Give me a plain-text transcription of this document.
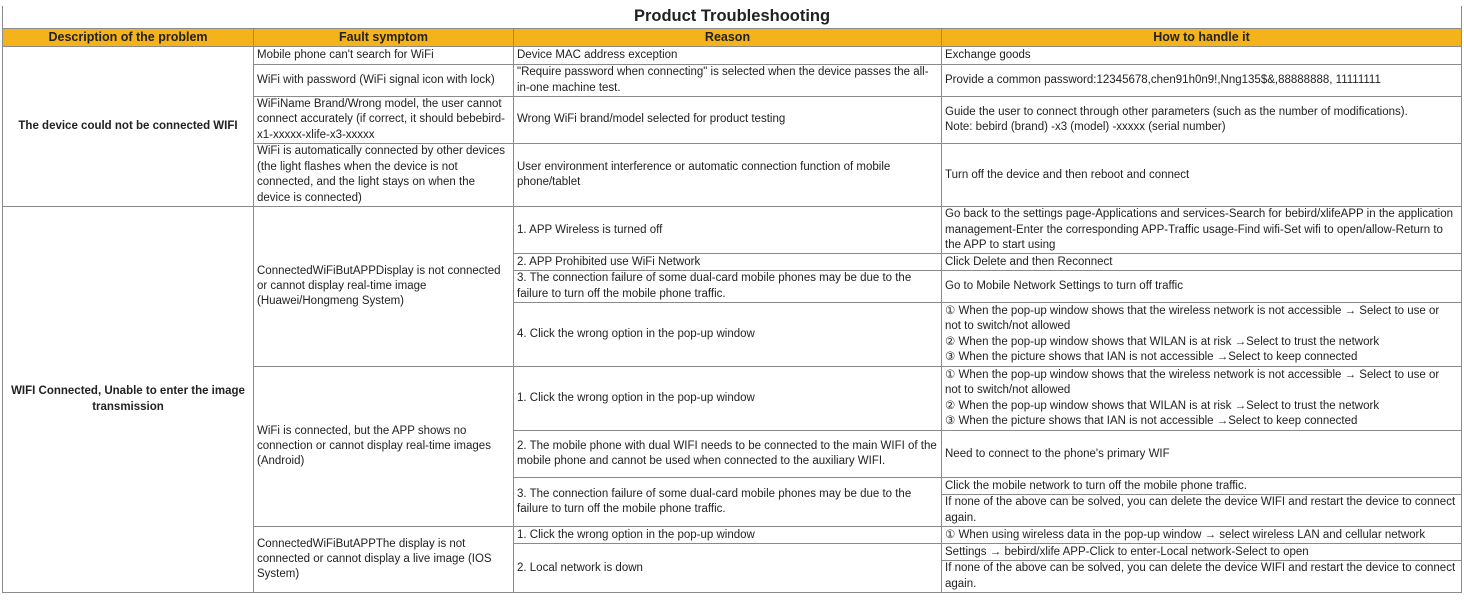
Product Troubleshooting			
Description of the problem	Fault symptom	Reason	How to handle it
The device could not be connected WIFI	Mobile phone can't search for WiFi	Device MAC address exception	Exchange goods
	WiFi with password (WiFi signal icon with lock)	"Require password when connecting" is selected when the device passes the all-in-one machine test.	Provide a common password:12345678,chen91h0n9!,Nng135$&,88888888, 11111111
	WiFiName Brand/Wrong model, the user cannot connect accurately (if correct, it should bebebird-x1-xxxxx-xlife-x3-xxxxx	Wrong WiFi brand/model selected for product testing	Guide the user to connect through other parameters (such as the number of modifications).
Note: bebird (brand) -x3 (model) -xxxxx (serial number)

	WiFi is automatically connected by other devices (the light flashes when the device is not connected, and the light stays on when the device is connected)	User environment interference or automatic connection function of mobile phone/tablet	Turn off the device and then reboot and connect
WIFI Connected, Unable to enter the image transmission	ConnectedWiFiButAPPDisplay is not connected or cannot display real-time image (Huawei/Hongmeng System)	1. APP Wireless is turned off	Go back to the settings page-Applications and services-Search for bebird/xlifeAPP in the application management-Enter the corresponding APP-Traffic usage-Find wifi-Set wifi to open/allow-Return to the APP to start using
		2. APP Prohibited use WiFi Network	Click Delete and then Reconnect
		3. The connection failure of some dual-card mobile phones may be due to the failure to turn off the mobile phone traffic.	Go to Mobile Network Settings to turn off traffic
		4. Click the wrong option in the pop-up window	① When the pop-up window shows that the wireless network is not accessible → Select to use or not to switch/not allowed
② When the pop-up window shows that WILAN is at risk →Select to trust the network
③ When the picture shows that IAN is not accessible →Select to keep connected

	WiFi is connected, but the APP shows no connection or cannot display real-time images (Android)	1. Click the wrong option in the pop-up window	① When the pop-up window shows that the wireless network is not accessible → Select to use or not to switch/not allowed
② When the pop-up window shows that WILAN is at risk →Select to trust the network
③ When the picture shows that IAN is not accessible →Select to keep connected

		2. The mobile phone with dual WIFI needs to be connected to the main WIFI of the mobile phone and cannot be used when connected to the auxiliary WIFI.	Need to connect to the phone's primary WIF
		3. The connection failure of some dual-card mobile phones may be due to the failure to turn off the mobile phone traffic.	Click the mobile network to turn off the mobile phone traffic.
			If none of the above can be solved, you can delete the device WIFI and restart the device to connect again.
	ConnectedWiFiButAPPThe display is not connected or cannot display a live image (IOS System)	1. Click the wrong option in the pop-up window	① When using wireless data in the pop-up window → select wireless LAN and cellular network
		2. Local network is down	Settings → bebird/xlife APP-Click to enter-Local network-Select to open
			If none of the above can be solved, you can delete the device WIFI and restart the device to connect again.
